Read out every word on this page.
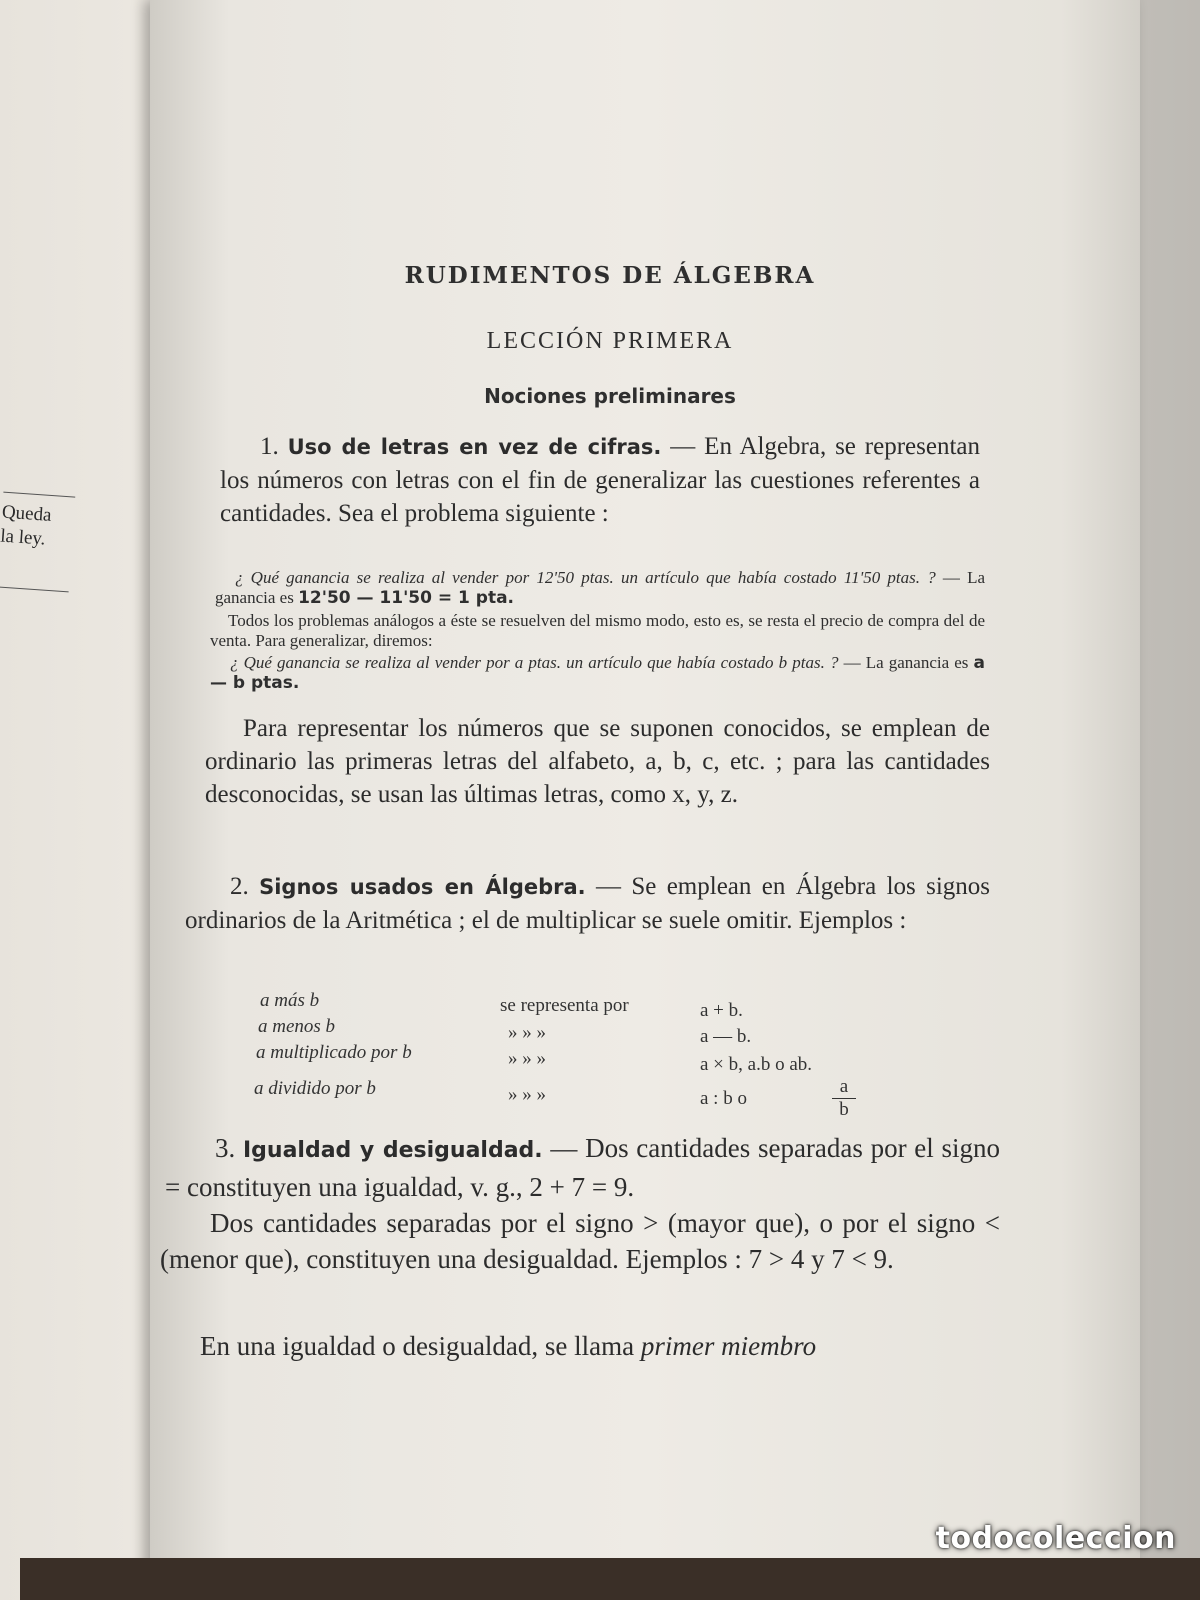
Queda
la ley.
RUDIMENTOS DE ÁLGEBRA
LECCIÓN PRIMERA
Nociones preliminares
1. Uso de letras en vez de cifras. — En Algebra, se representan los números con letras con el fin de generalizar las cuestiones referentes a cantidades. Sea el problema siguiente :
¿ Qué ganancia se realiza al vender por 12'50 ptas. un artículo que había costado 11'50 ptas. ? — La ganancia es 12'50 — 11'50 = 1 pta.
Todos los problemas análogos a éste se resuelven del mismo modo, esto es, se resta el precio de compra del de venta. Para generalizar, diremos:
¿ Qué ganancia se realiza al vender por a ptas. un artículo que había costado b ptas. ? — La ganancia es a — b ptas.
Para representar los números que se suponen conocidos, se emplean de ordinario las primeras letras del alfabeto, a, b, c, etc. ; para las cantidades desconocidas, se usan las últimas letras, como x, y, z.
2. Signos usados en Álgebra. — Se emplean en Álgebra los signos ordinarios de la Aritmética ; el de multiplicar se suele omitir. Ejemplos :
a más b	se representa por	a + b.
a menos b	» » »	a — b.
a multiplicado por b	» » »	a × b, a.b o ab.
a dividido por b	» » »	a : b o	$\frac{a}{b}$
3. Igualdad y desigualdad. — Dos cantidades separadas por el signo = constituyen una igualdad, v. g., 2 + 7 = 9.
Dos cantidades separadas por el signo > (mayor que), o por el signo < (menor que), constituyen una desigualdad. Ejemplos : 7 > 4 y 7 < 9.
En una igualdad o desigualdad, se llama primer miembro
todocoleccion
